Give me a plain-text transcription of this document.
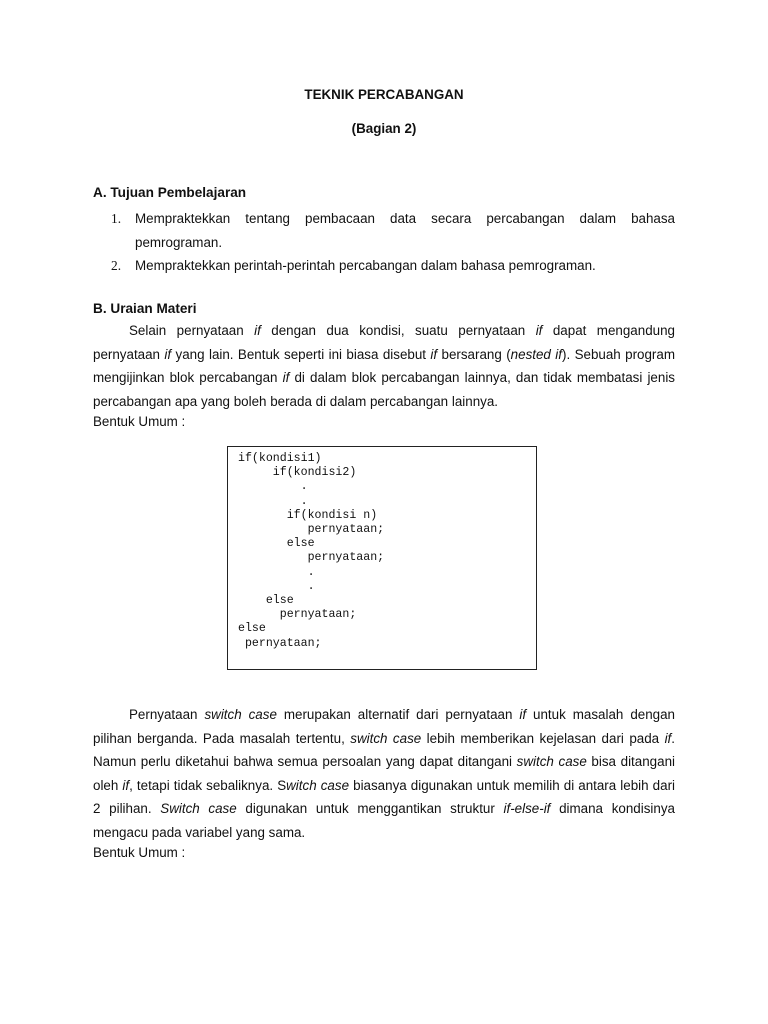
TEKNIK PERCABANGAN
(Bagian 2)
A. Tujuan Pembelajaran
1. Mempraktekkan tentang pembacaan data secara percabangan dalam bahasa pemrograman.
2. Mempraktekkan perintah-perintah percabangan dalam bahasa pemrograman.
B. Uraian Materi

Selain pernyataan if dengan dua kondisi, suatu pernyataan if dapat mengandung pernyataan if yang lain. Bentuk seperti ini biasa disebut if bersarang (nested if). Sebuah program mengijinkan blok percabangan if di dalam blok percabangan lainnya, dan tidak membatasi jenis percabangan apa yang boleh berada di dalam percabangan lainnya.

Bentuk Umum :

if(kondisi1)
if(kondisi2)
.
.
if(kondisi n)
pernyataan;
else
pernyataan;
.
.
else
pernyataan;
else
pernyataan;

Pernyataan switch case merupakan alternatif dari pernyataan if untuk masalah dengan pilihan berganda. Pada masalah tertentu, switch case lebih memberikan kejelasan dari pada if. Namun perlu diketahui bahwa semua persoalan yang dapat ditangani switch case bisa ditangani oleh if, tetapi tidak sebaliknya. Switch case biasanya digunakan untuk memilih di antara lebih dari 2 pilihan. Switch case digunakan untuk menggantikan struktur if-else-if dimana kondisinya mengacu pada variabel yang sama.

Bentuk Umum :
